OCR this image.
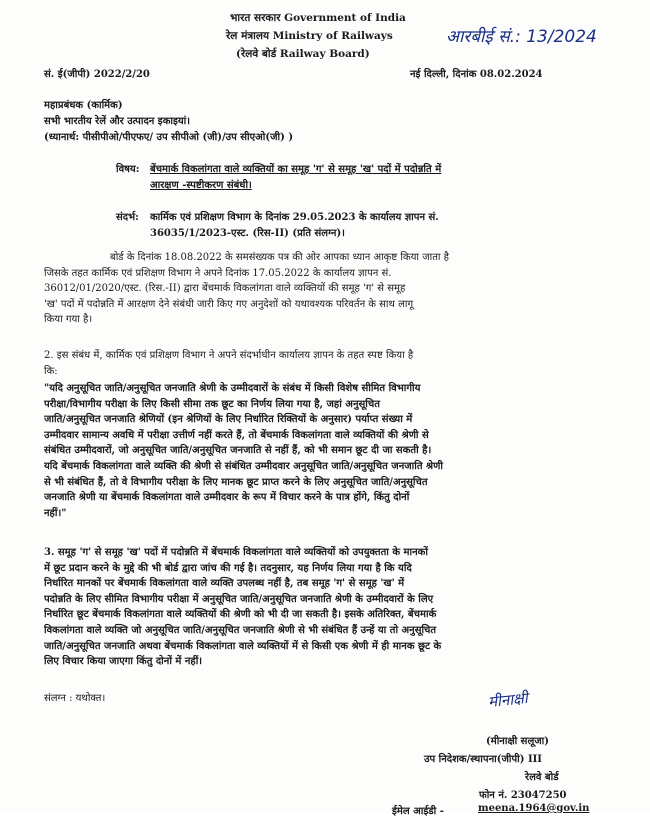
भारत सरकार Government of India
रेल मंत्रालय Ministry of Railways
(रेलवे बोर्ड Railway Board)
आरबीई सं.: 13/2024
सं. ई(जीपी) 2022/2/20	नई दिल्ली, दिनांक 08.02.2024
महाप्रबंधक (कार्मिक)
सभी भारतीय रेलें और उत्पादन इकाइयां।
(ध्यानार्थ: पीसीपीओ/पीएफए/ उप सीपीओ (जी)/उप सीएओ(जी) )
विषय: बेंचमार्क विकलांगता वाले व्यक्तियों का समूह 'ग' से समूह 'ख' पदों में पदोन्नति में
आरक्षण -स्पष्टीकरण संबंधी।
संदर्भ: कार्मिक एवं प्रशिक्षण विभाग के दिनांक 29.05.2023 के कार्यालय ज्ञापन सं.
36035/1/2023-एस्ट. (रिस-II) (प्रति संलग्न)।
बोर्ड के दिनांक 18.08.2022 के समसंख्यक पत्र की ओर आपका ध्यान आकृष्ट किया जाता है
जिसके तहत कार्मिक एवं प्रशिक्षण विभाग ने अपने दिनांक 17.05.2022 के कार्यालय ज्ञापन सं.
36012/01/2020/एस्ट. (रिस.-II) द्वारा बेंचमार्क विकलांगता वाले व्यक्तियों की समूह 'ग' से समूह
'ख' पदों में पदोन्नति में आरक्षण देने संबंधी जारी किए गए अनुदेशों को यथावश्यक परिवर्तन के साथ लागू
किया गया है।
2. इस संबंध में, कार्मिक एवं प्रशिक्षण विभाग ने अपने संदर्भाधीन कार्यालय ज्ञापन के तहत स्पष्ट किया है
कि:
"यदि अनुसूचित जाति/अनुसूचित जनजाति श्रेणी के उम्मीदवारों के संबंध में किसी विशेष सीमित विभागीय
परीक्षा/विभागीय परीक्षा के लिए किसी सीमा तक छूट का निर्णय लिया गया है, जहां अनुसूचित
जाति/अनुसूचित जनजाति श्रेणियों (इन श्रेणियों के लिए निर्धारित रिक्तियों के अनुसार) पर्याप्त संख्या में
उम्मीदवार सामान्य अवधि में परीक्षा उत्तीर्ण नहीं करते हैं, तो बेंचमार्क विकलांगता वाले व्यक्तियों की श्रेणी से
संबंधित उम्मीदवारों, जो अनुसूचित जाति/अनुसूचित जनजाति से नहीं हैं, को भी समान छूट दी जा सकती है।
यदि बेंचमार्क विकलांगता वाले व्यक्ति की श्रेणी से संबंधित उम्मीदवार अनुसूचित जाति/अनुसूचित जनजाति श्रेणी
से भी संबंधित हैं, तो वे विभागीय परीक्षा के लिए मानक छूट प्राप्त करने के लिए अनुसूचित जाति/अनुसूचित
जनजाति श्रेणी या बेंचमार्क विकलांगता वाले उम्मीदवार के रूप में विचार करने के पात्र होंगे, किंतु दोनों
नहीं।"
3. समूह 'ग' से समूह 'ख' पदों में पदोन्नति में बेंचमार्क विकलांगता वाले व्यक्तियों को उपयुक्तता के मानकों
में छूट प्रदान करने के मुद्दे की भी बोर्ड द्वारा जांच की गई है। तदनुसार, यह निर्णय लिया गया है कि यदि
निर्धारित मानकों पर बेंचमार्क विकलांगता वाले व्यक्ति उपलब्ध नहीं है, तब समूह 'ग' से समूह 'ख' में
पदोन्नति के लिए सीमित विभागीय परीक्षा में अनुसूचित जाति/अनुसूचित जनजाति श्रेणी के उम्मीदवारों के लिए
निर्धारित छूट बेंचमार्क विकलांगता वाले व्यक्तियों की श्रेणी को भी दी जा सकती है। इसके अतिरिक्त, बेंचमार्क
विकलांगता वाले व्यक्ति जो अनुसूचित जाति/अनुसूचित जनजाति श्रेणी से भी संबंधित हैं उन्हें या तो अनुसूचित
जाति/अनुसूचित जनजाति अथवा बेंचमार्क विकलांगता वाले व्यक्तियों में से किसी एक श्रेणी में ही मानक छूट के
लिए विचार किया जाएगा किंतु दोनों में नहीं।
संलग्न : यथोक्त।	मीनाक्षी
(मीनाक्षी सलूजा)
उप निदेशक/स्थापना(जीपी) III
रेलवे बोर्ड
फोन नं. 23047250
ईमेल आईडी -	meena.1964@gov.in
